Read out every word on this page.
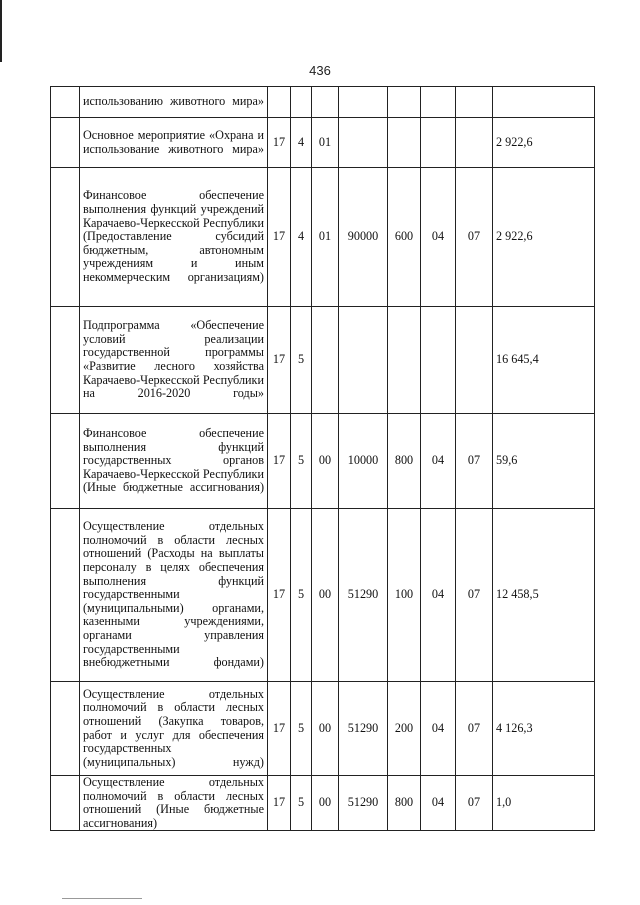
436
	использованию животного мира»								
	Основное мероприятие «Охрана и использование животного мира»	17	4	01					2 922,6
	Финансовое обеспечение выполнения функций учреждений Карачаево-Черкесской Республики (Предоставление субсидий бюджетным, автономным учреждениям и иным некоммерческим организациям)	17	4	01	90000	600	04	07	2 922,6
	Подпрограмма «Обеспечение условий реализации государственной программы «Развитие лесного хозяйства Карачаево-Черкесской Республики на 2016-2020 годы»	17	5						16 645,4
	Финансовое обеспечение выполнения функций государственных органов Карачаево-Черкесской Республики (Иные бюджетные ассигнования)	17	5	00	10000	800	04	07	59,6
	Осуществление отдельных полномочий в области лесных отношений (Расходы на выплаты персоналу в целях обеспечения выполнения функций государственными (муниципальными) органами, казенными учреждениями, органами управления государственными внебюджетными фондами)	17	5	00	51290	100	04	07	12 458,5
	Осуществление отдельных полномочий в области лесных отношений (Закупка товаров, работ и услуг для обеспечения государственных (муниципальных) нужд)	17	5	00	51290	200	04	07	4 126,3
	Осуществление отдельных полномочий в области лесных отношений (Иные бюджетные ассигнования)	17	5	00	51290	800	04	07	1,0
